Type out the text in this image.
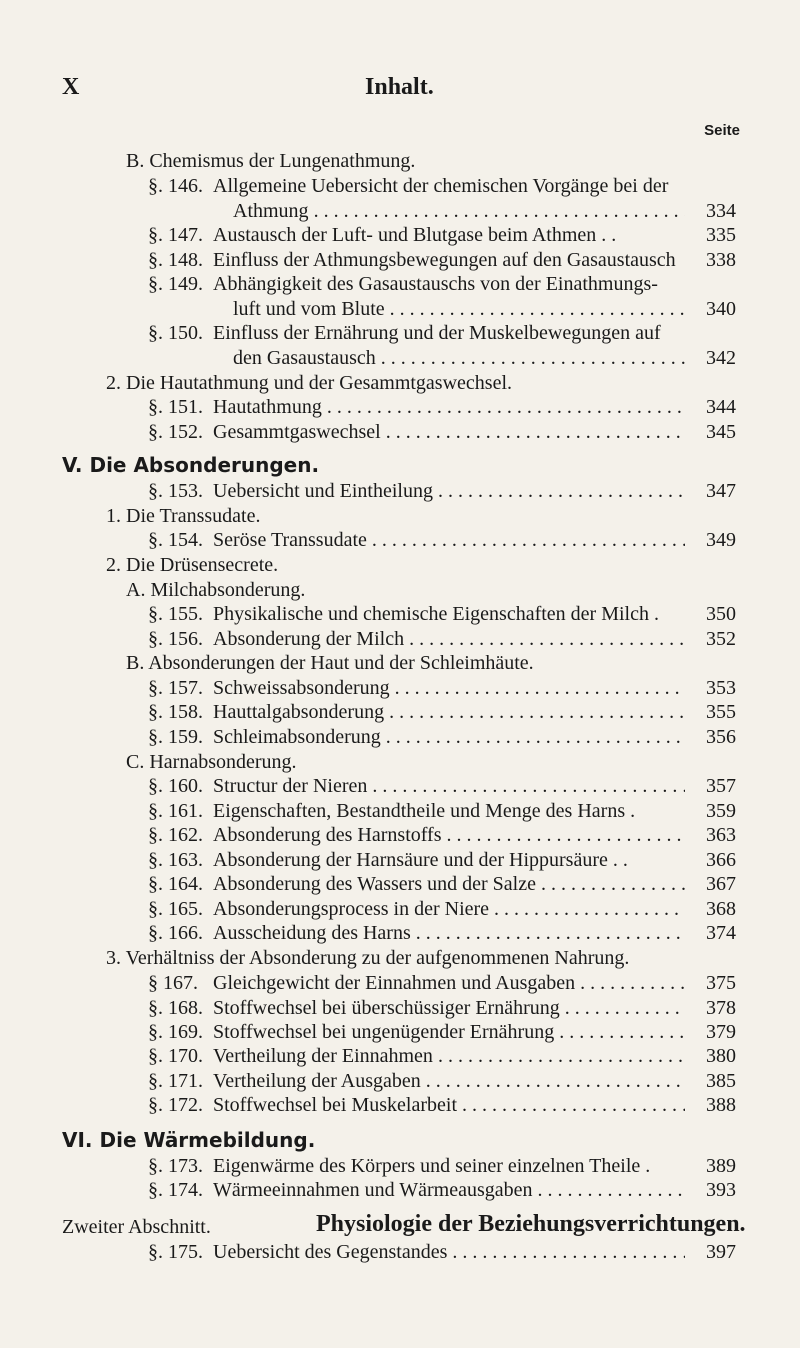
X	Inhalt.
Seite
B. Chemismus der Lungenathmung.
§. 146. Allgemeine Uebersicht der chemischen Vorgänge bei der
Athmung . . .	334
§. 147. Austausch der Luft- und Blutgase beim Athmen . .	335
§. 148. Einfluss der Athmungsbewegungen auf den Gasaustausch	338
§. 149. Abhängigkeit des Gasaustauschs von der Einathmungs-
luft und vom Blute . . .	340
§. 150. Einfluss der Ernährung und der Muskelbewegungen auf
den Gasaustausch . . .	342
2. Die Hautathmung und der Gesammtgaswechsel.
§. 151. Hautathmung . . .	344
§. 152. Gesammtgaswechsel . . .	345
V. Die Absonderungen.
§. 153. Uebersicht und Eintheilung . . .	347
1. Die Transsudate.
§. 154. Seröse Transsudate . . .	349
2. Die Drüsensecrete.
A. Milchabsonderung.
§. 155. Physikalische und chemische Eigenschaften der Milch .	350
§. 156. Absonderung der Milch . . .	352
B. Absonderungen der Haut und der Schleimhäute.
§. 157. Schweissabsonderung . . .	353
§. 158. Hauttalgabsonderung . . .	355
§. 159. Schleimabsonderung . . .	356
C. Harnabsonderung.
§. 160. Structur der Nieren . . .	357
§. 161. Eigenschaften, Bestandtheile und Menge des Harns .	359
§. 162. Absonderung des Harnstoffs . . .	363
§. 163. Absonderung der Harnsäure und der Hippursäure . .	366
§. 164. Absonderung des Wassers und der Salze . . .	367
§. 165. Absonderungsprocess in der Niere . . .	368
§. 166. Ausscheidung des Harns . . .	374
3. Verhältniss der Absonderung zu der aufgenommenen Nahrung.
§ 167. Gleichgewicht der Einnahmen und Ausgaben . . .	375
§. 168. Stoffwechsel bei überschüssiger Ernährung . . .	378
§. 169. Stoffwechsel bei ungenügender Ernährung . . .	379
§. 170. Vertheilung der Einnahmen . . .	380
§. 171. Vertheilung der Ausgaben . . .	385
§. 172. Stoffwechsel bei Muskelarbeit . . .	388
VI. Die Wärmebildung.
§. 173. Eigenwärme des Körpers und seiner einzelnen Theile .	389
§. 174. Wärmeeinnahmen und Wärmeausgaben . . .	393
Zweiter Abschnitt.	Physiologie der Beziehungsverrichtungen.
§. 175. Uebersicht des Gegenstandes . . .	397
